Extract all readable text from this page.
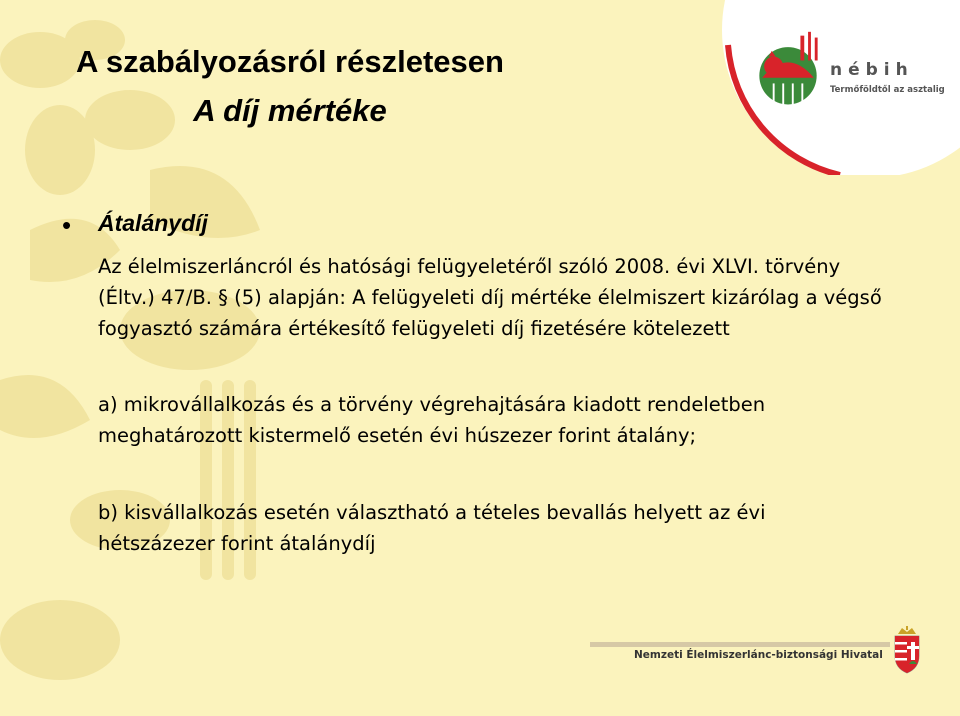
nébih
Termőföldtől az asztalig
A szabályozásról részletesen
A díj mértéke
• Átalánydíj

Az élelmiszerláncról és hatósági felügyeletéről szóló 2008. évi XLVI. törvény (Éltv.) 47/B. § (5) alapján: A felügyeleti díj mértéke élelmiszert kizárólag a végső fogyasztó számára értékesítő felügyeleti díj fizetésére kötelezett

a) mikrovállalkozás és a törvény végrehajtására kiadott rendeletben meghatározott kistermelő esetén évi húszezer forint átalány;

b) kisvállalkozás esetén választható a tételes bevallás helyett az évi hétszázezer forint átalánydíj

Nemzeti Élelmiszerlánc-biztonsági Hivatal
